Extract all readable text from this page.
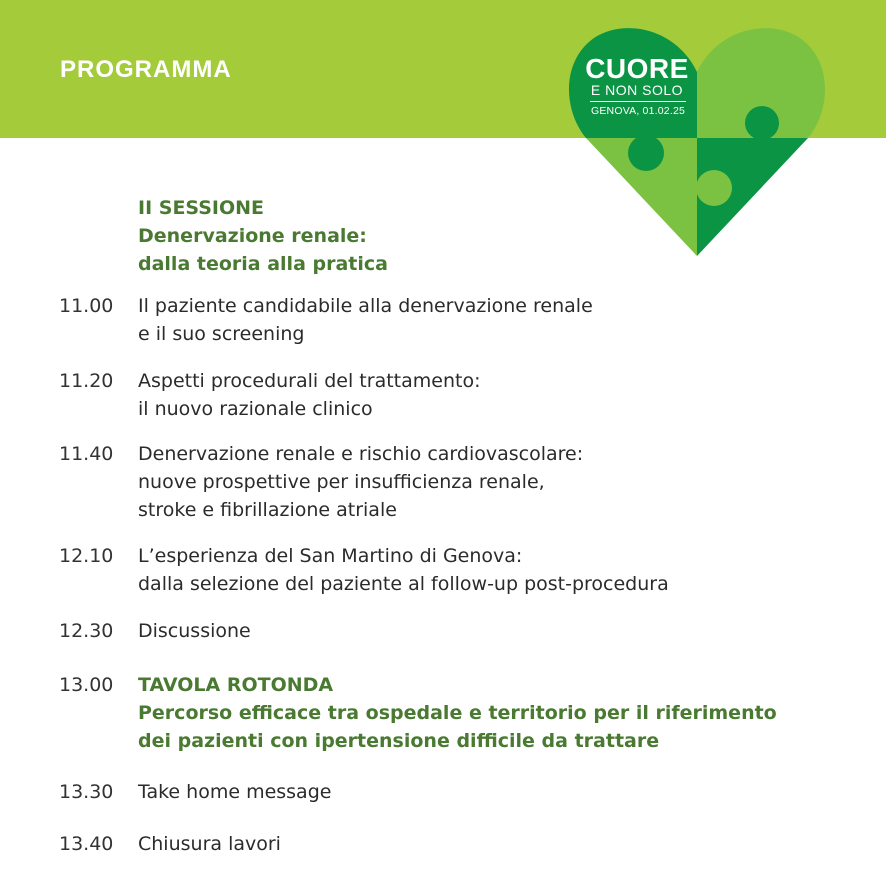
PROGRAMMA	CUORE
E NON SOLO
GENOVA, 01.02.25
II SESSIONE
Denervazione renale:
dalla teoria alla pratica
11.00	Il paziente candidabile alla denervazione renale
e il suo screening
11.20	Aspetti procedurali del trattamento:
il nuovo razionale clinico
11.40	Denervazione renale e rischio cardiovascolare:
nuove prospettive per insufficienza renale,
stroke e fibrillazione atriale
12.10	L’esperienza del San Martino di Genova:
dalla selezione del paziente al follow-up post-procedura
12.30	Discussione
13.00	TAVOLA ROTONDA
Percorso efficace tra ospedale e territorio per il riferimento
dei pazienti con ipertensione difficile da trattare
13.30	Take home message
13.40	Chiusura lavori
